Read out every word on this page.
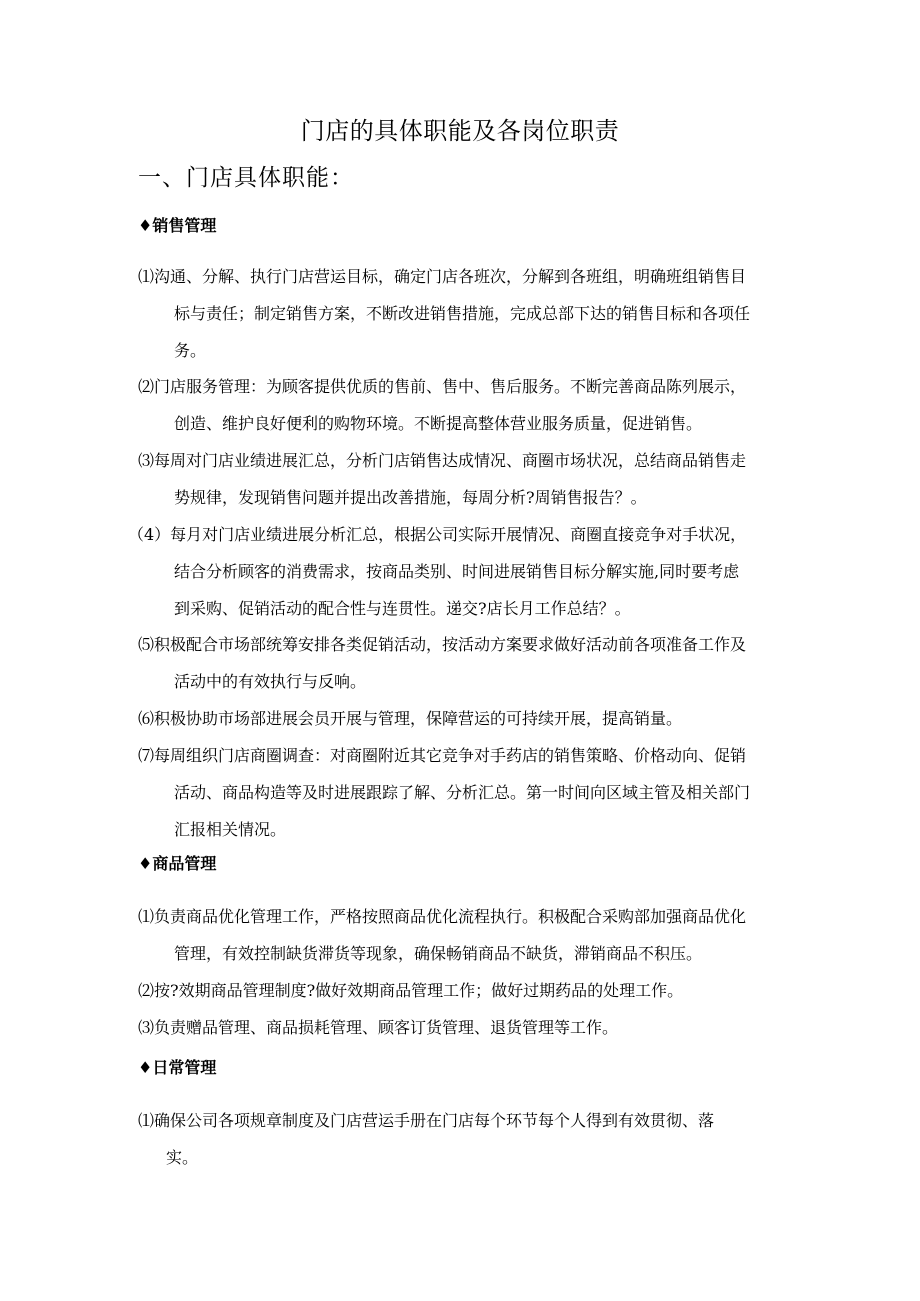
门店的具体职能及各岗位职责
一、门店具体职能：
♦销售管理
⑴沟通、分解、执行门店营运目标，确定门店各班次，分解到各班组，明确班组销售目
标与责任；制定销售方案，不断改进销售措施，完成总部下达的销售目标和各项任
务。
⑵门店服务管理：为顾客提供优质的售前、售中、售后服务。不断完善商品陈列展示，
创造、维护良好便利的购物环境。不断提高整体营业服务质量，促进销售。
⑶每周对门店业绩进展汇总，分析门店销售达成情况、商圈市场状况，总结商品销售走
势规律，发现销售问题并提出改善措施，每周分析?周销售报告？。
（4）每月对门店业绩进展分析汇总，根据公司实际开展情况、商圈直接竞争对手状况，
结合分析顾客的消费需求，按商品类别、时间进展销售目标分解实施,同时要考虑
到采购、促销活动的配合性与连贯性。递交?店长月工作总结？。
⑸积极配合市场部统筹安排各类促销活动，按活动方案要求做好活动前各项准备工作及
活动中的有效执行与反响。
⑹积极协助市场部进展会员开展与管理，保障营运的可持续开展，提高销量。
⑺每周组织门店商圈调查：对商圈附近其它竞争对手药店的销售策略、价格动向、促销
活动、商品构造等及时进展跟踪了解、分析汇总。第一时间向区域主管及相关部门
汇报相关情况。
♦商品管理
⑴负责商品优化管理工作，严格按照商品优化流程执行。积极配合采购部加强商品优化
管理，有效控制缺货滞货等现象，确保畅销商品不缺货，滞销商品不积压。
⑵按?效期商品管理制度?做好效期商品管理工作；做好过期药品的处理工作。
⑶负责赠品管理、商品损耗管理、顾客订货管理、退货管理等工作。
♦日常管理
⑴确保公司各项规章制度及门店营运手册在门店每个环节每个人得到有效贯彻、落
实。
